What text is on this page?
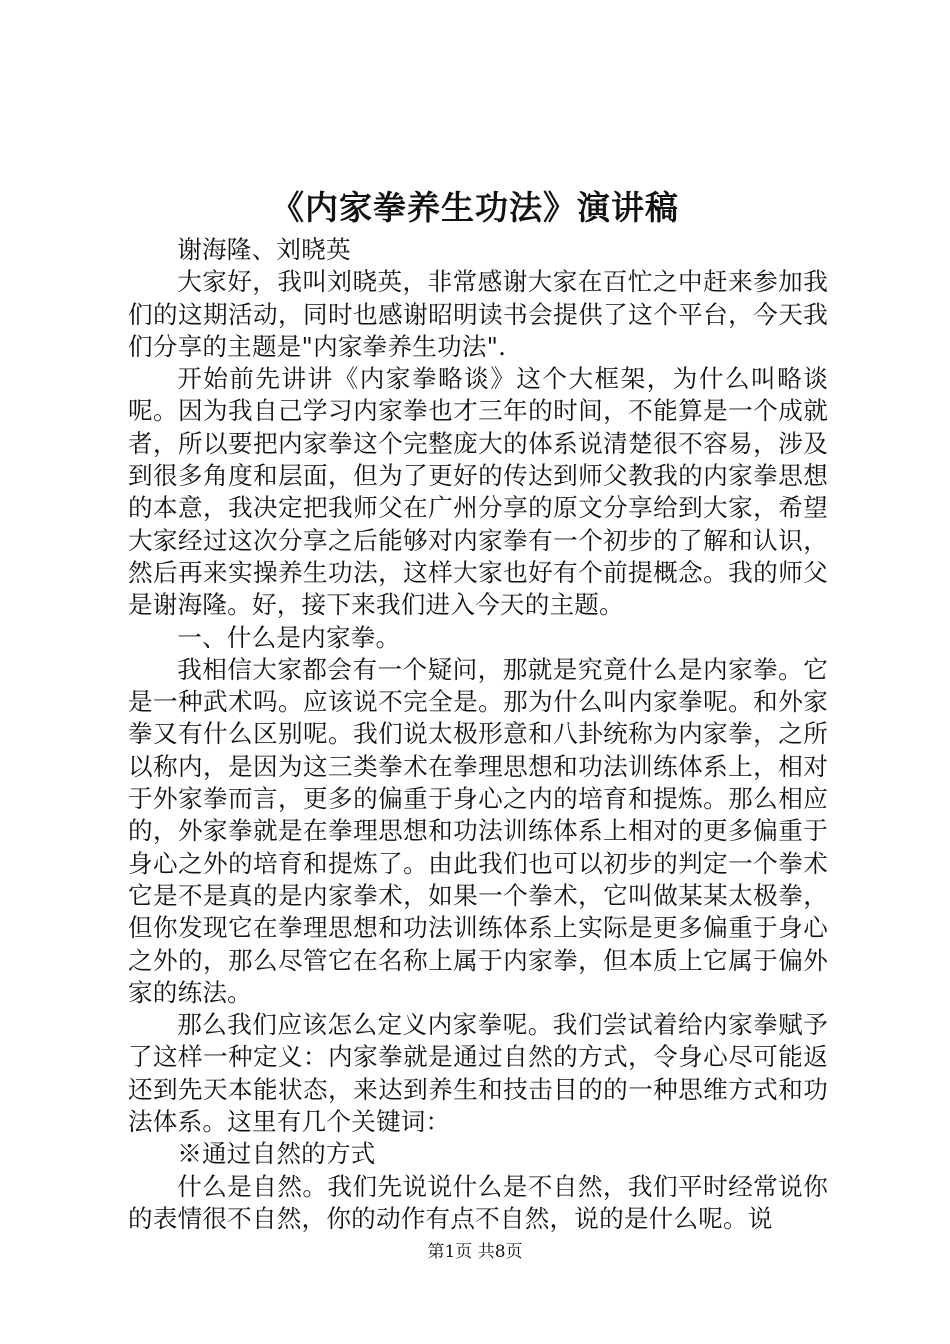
《内家拳养生功法》演讲稿

谢海隆、刘晓英

大家好，我叫刘晓英，非常感谢大家在百忙之中赶来参加我们的这期活动，同时也感谢昭明读书会提供了这个平台，今天我们分享的主题是"内家拳养生功法".

开始前先讲讲《内家拳略谈》这个大框架，为什么叫略谈呢。因为我自己学习内家拳也才三年的时间，不能算是一个成就者，所以要把内家拳这个完整庞大的体系说清楚很不容易，涉及到很多角度和层面，但为了更好的传达到师父教我的内家拳思想的本意，我决定把我师父在广州分享的原文分享给到大家，希望大家经过这次分享之后能够对内家拳有一个初步的了解和认识，然后再来实操养生功法，这样大家也好有个前提概念。我的师父是谢海隆。好，接下来我们进入今天的主题。

一、什么是内家拳。

我相信大家都会有一个疑问，那就是究竟什么是内家拳。它是一种武术吗。应该说不完全是。那为什么叫内家拳呢。和外家拳又有什么区别呢。我们说太极形意和八卦统称为内家拳，之所以称内，是因为这三类拳术在拳理思想和功法训练体系上，相对于外家拳而言，更多的偏重于身心之内的培育和提炼。那么相应的，外家拳就是在拳理思想和功法训练体系上相对的更多偏重于身心之外的培育和提炼了。由此我们也可以初步的判定一个拳术它是不是真的是内家拳术，如果一个拳术，它叫做某某太极拳，但你发现它在拳理思想和功法训练体系上实际是更多偏重于身心之外的，那么尽管它在名称上属于内家拳，但本质上它属于偏外家的练法。

那么我们应该怎么定义内家拳呢。我们尝试着给内家拳赋予了这样一种定义：内家拳就是通过自然的方式，令身心尽可能返还到先天本能状态，来达到养生和技击目的的一种思维方式和功法体系。这里有几个关键词：

※通过自然的方式

什么是自然。我们先说说什么是不自然，我们平时经常说你的表情很不自然，你的动作有点不自然，说的是什么呢。说

第1页 共8页
